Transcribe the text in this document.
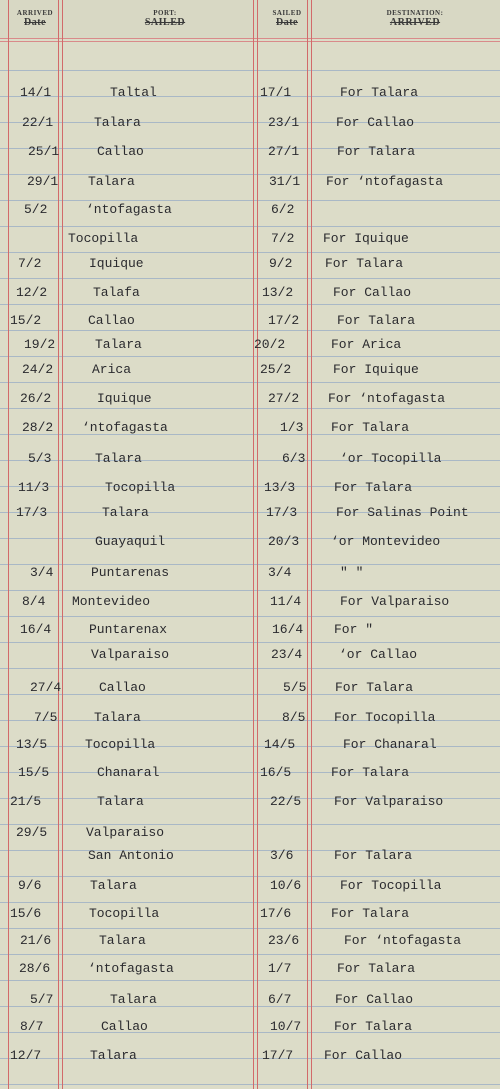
ARRIVED
Date
PORT:
SAILED
SAILED
Date
DESTINATION:
ARRIVED
14/1	Taltal	17/1	For Talara
22/1	Talara	23/1	For Callao
25/1	Callao	27/1	For Talara
29/1 Talara	31/1 For ‘ntofagasta
5/2	‘ntofagasta	6/2
Tocopilla	7/2 For Iquique
7/2	Iquique	9/2	For Talara
12/2	Talafa	13/2	For Callao
15/2	Callao	17/2	For Talara
19/2	Talara	20/2	For Arica
24/2	Arica	25/2	For Iquique
26/2	Iquique	27/2 For ‘ntofagasta
28/2 ‘ntofagasta	1/3 For Talara
5/3	Talara	6/3	‘or Tocopilla
11/3	Tocopilla	13/3	For Talara
17/3	Talara	17/3	For Salinas Point
Guayaquil	20/3 ‘or Montevideo
3/4	Puntarenas	3/4	" "
8/4 Montevideo	11/4	For Valparaiso
16/4	Puntarenax	16/4 For "
Valparaiso	23/4	‘or Callao
27/4	Callao	5/5 For Talara
7/5	Talara	8/5 For Tocopilla
13/5	Tocopilla	14/5	For Chanaral
15/5	Chanaral	16/5	For Talara
21/5	Talara	22/5	For Valparaiso
29/5	Valparaiso
San Antonio	3/6	For Talara
9/6	Talara	10/6	For Tocopilla
15/6	Tocopilla	17/6	For Talara
21/6	Talara	23/6	For ‘ntofagasta
28/6	‘ntofagasta	1/7	For Talara
5/7	Talara	6/7	For Callao
8/7	Callao	10/7	For Talara
12/7	Talara	17/7 For Callao
